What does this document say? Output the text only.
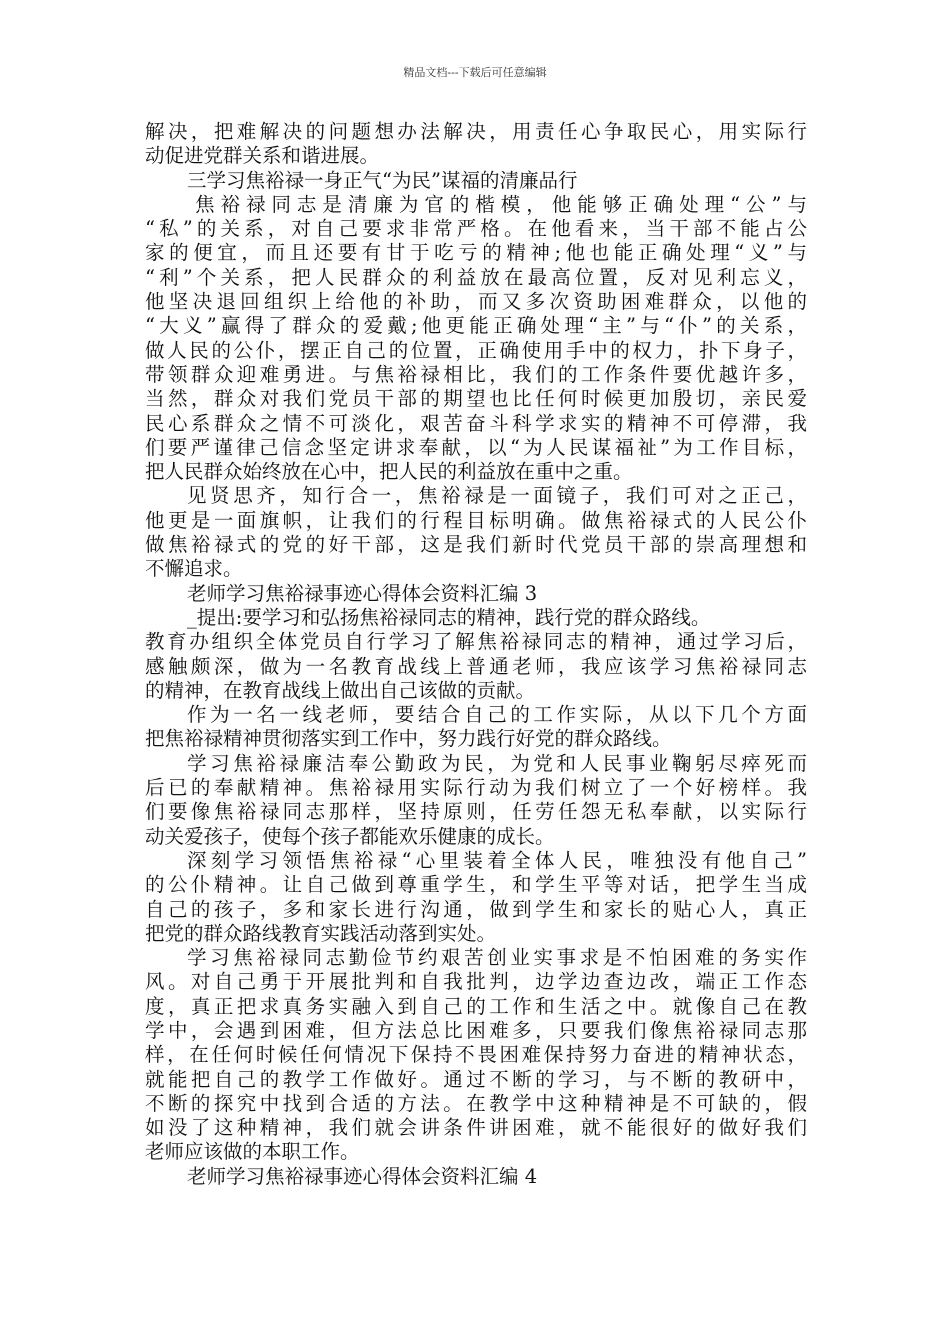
精品文档---下载后可任意编辑
解决，把难解决的问题想办法解决，用责任心争取民心，用实际行
动促进党群关系和谐进展。
三学习焦裕禄一身正气“为民”谋福的清廉品行
焦裕禄同志是清廉为官的楷模，他能够正确处理“公”与
“私”的关系，对自己要求非常严格。在他看来，当干部不能占公
家的便宜，而且还要有甘于吃亏的精神;他也能正确处理“义”与
“利”个关系，把人民群众的利益放在最高位置，反对见利忘义，
他坚决退回组织上给他的补助，而又多次资助困难群众，以他的
“大义”赢得了群众的爱戴;他更能正确处理“主”与“仆”的关系，
做人民的公仆，摆正自己的位置，正确使用手中的权力，扑下身子，
带领群众迎难勇进。与焦裕禄相比，我们的工作条件要优越许多，
当然，群众对我们党员干部的期望也比任何时候更加殷切，亲民爱
民心系群众之情不可淡化，艰苦奋斗科学求实的精神不可停滞，我
们要严谨律己信念坚定讲求奉献，以“为人民谋福祉”为工作目标，
把人民群众始终放在心中，把人民的利益放在重中之重。
见贤思齐，知行合一，焦裕禄是一面镜子，我们可对之正己，
他更是一面旗帜，让我们的行程目标明确。做焦裕禄式的人民公仆
做焦裕禄式的党的好干部，这是我们新时代党员干部的崇高理想和
不懈追求。
老师学习焦裕禄事迹心得体会资料汇编 3
_提出:要学习和弘扬焦裕禄同志的精神，践行党的群众路线。
教育办组织全体党员自行学习了解焦裕禄同志的精神，通过学习后，
感触颇深，做为一名教育战线上普通老师，我应该学习焦裕禄同志
的精神，在教育战线上做出自己该做的贡献。
作为一名一线老师，要结合自己的工作实际，从以下几个方面
把焦裕禄精神贯彻落实到工作中，努力践行好党的群众路线。
学习焦裕禄廉洁奉公勤政为民，为党和人民事业鞠躬尽瘁死而
后已的奉献精神。焦裕禄用实际行动为我们树立了一个好榜样。我
们要像焦裕禄同志那样，坚持原则，任劳任怨无私奉献，以实际行
动关爱孩子，使每个孩子都能欢乐健康的成长。
深刻学习领悟焦裕禄“心里装着全体人民，唯独没有他自己”
的公仆精神。让自己做到尊重学生，和学生平等对话，把学生当成
自己的孩子，多和家长进行沟通，做到学生和家长的贴心人，真正
把党的群众路线教育实践活动落到实处。
学习焦裕禄同志勤俭节约艰苦创业实事求是不怕困难的务实作
风。对自己勇于开展批判和自我批判，边学边查边改，端正工作态
度，真正把求真务实融入到自己的工作和生活之中。就像自己在教
学中，会遇到困难，但方法总比困难多，只要我们像焦裕禄同志那
样，在任何时候任何情况下保持不畏困难保持努力奋进的精神状态，
就能把自己的教学工作做好。通过不断的学习，与不断的教研中，
不断的探究中找到合适的方法。在教学中这种精神是不可缺的，假
如没了这种精神，我们就会讲条件讲困难，就不能很好的做好我们
老师应该做的本职工作。
老师学习焦裕禄事迹心得体会资料汇编 4
